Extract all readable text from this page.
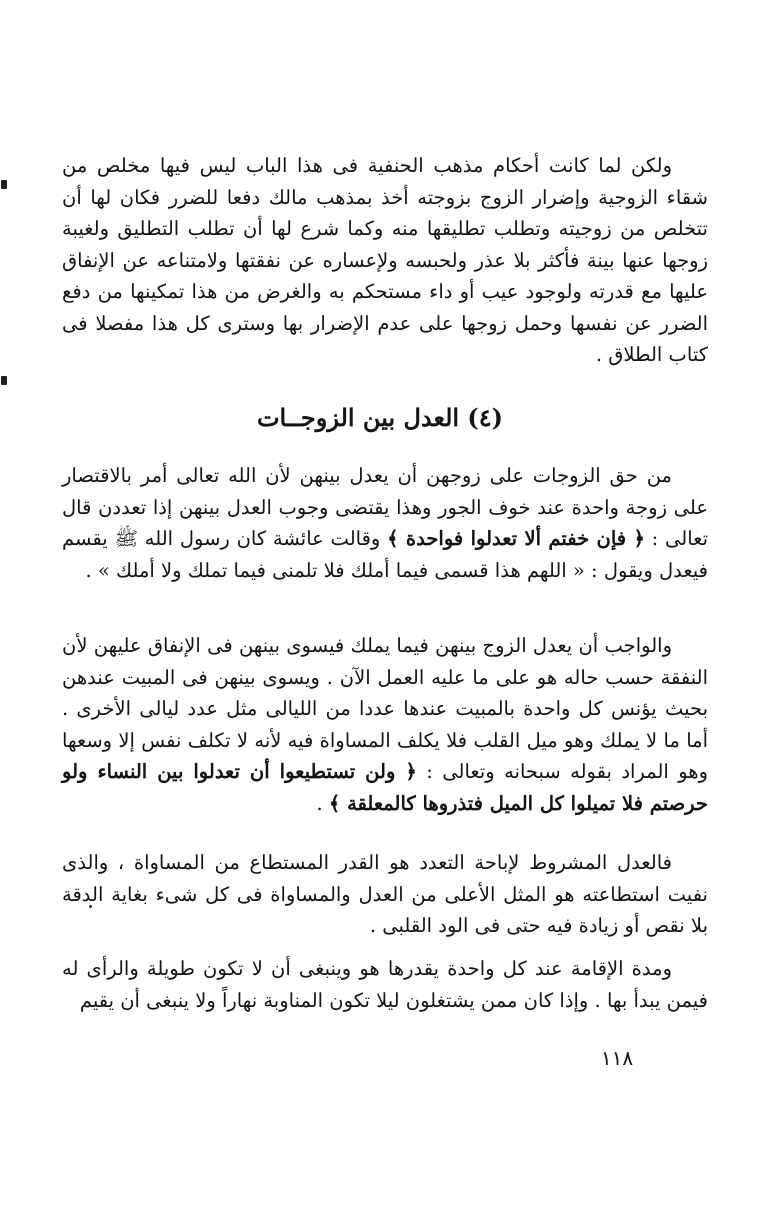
ولكن لما كانت أحكام مذهب الحنفية فى هذا الباب ليس فيها مخلص من شقاء الزوجية وإضرار الزوج بزوجته أخذ بمذهب مالك دفعا للضرر فكان لها أن تتخلص من زوجيته وتطلب تطليقها منه وكما شرع لها أن تطلب التطليق ولغيبة زوجها عنها بينة فأكثر بلا عذر ولحبسه ولإعساره عن نفقتها ولامتناعه عن الإنفاق عليها مع قدرته ولوجود عيب أو داء مستحكم به والغرض من هذا تمكينها من دفع الضرر عن نفسها وحمل زوجها على عدم الإضرار بها وسترى كل هذا مفصلا فى كتاب الطلاق .

(٤) العدل بين الزوجــات

من حق الزوجات على زوجهن أن يعدل بينهن لأن الله تعالى أمر بالاقتصار على زوجة واحدة عند خوف الجور وهذا يقتضى وجوب العدل بينهن إذا تعددن قال تعالى : ﴿ فإن خفتم ألا تعدلوا فواحدة ﴾ وقالت عائشة كان رسول الله ﷺ يقسم فيعدل ويقول : « اللهم هذا قسمى فيما أملك فلا تلمنى فيما تملك ولا أملك » .

والواجب أن يعدل الزوج بينهن فيما يملك فيسوى بينهن فى الإنفاق عليهن لأن النفقة حسب حاله هو على ما عليه العمل الآن . ويسوى بينهن فى المبيت عندهن بحيث يؤنس كل واحدة بالمبيت عندها عددا من الليالى مثل عدد ليالى الأخرى . أما ما لا يملك وهو ميل القلب فلا يكلف المساواة فيه لأنه لا تكلف نفس إلا وسعها وهو المراد بقوله سبحانه وتعالى : ﴿ ولن تستطيعوا أن تعدلوا بين النساء ولو حرصتم فلا تميلوا كل الميل فتذروها كالمعلقة ﴾ .

فالعدل المشروط لإباحة التعدد هو القدر المستطاع من المساواة ، والذى نفيت استطاعته هو المثل الأعلى من العدل والمساواة فى كل شىء بغاية الدقة بلا نقص أو زيادة فيه حتى فى الود القلبى .

ومدة الإقامة عند كل واحدة يقدرها هو وينبغى أن لا تكون طويلة والرأى له فيمن يبدأ بها . وإذا كان ممن يشتغلون ليلا تكون المناوبة نهاراً ولا ينبغى أن يقيم

١١٨
